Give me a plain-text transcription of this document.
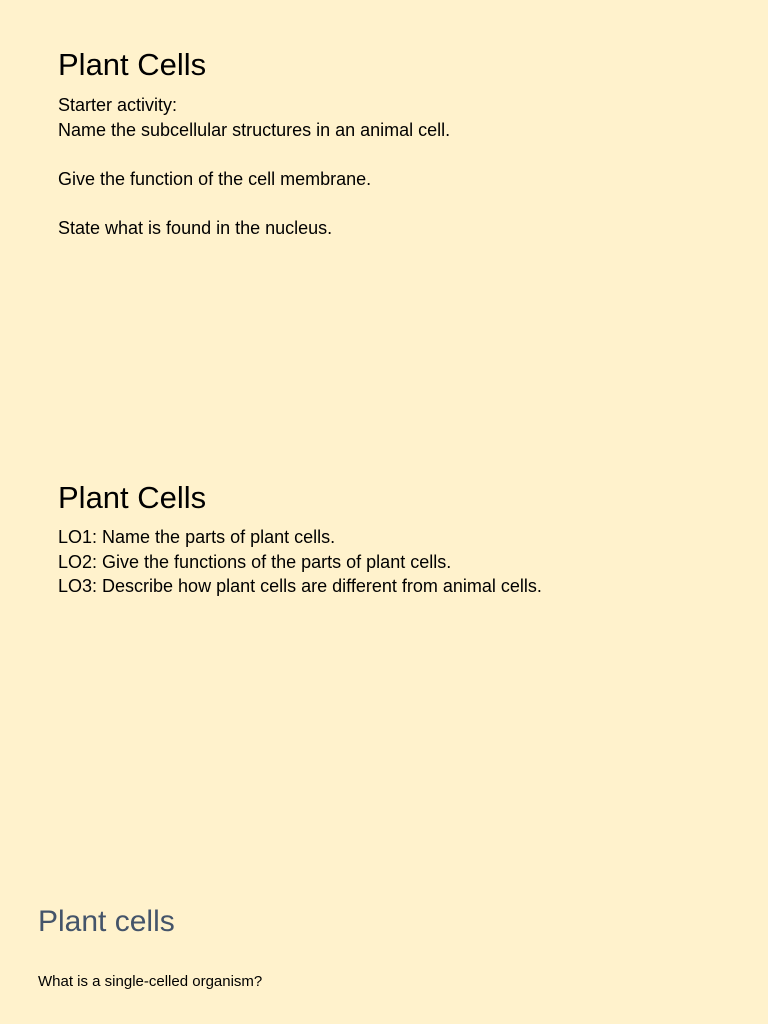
Plant Cells
Starter activity:
Name the subcellular structures in an animal cell.
Give the function of the cell membrane.
State what is found in the nucleus.
Plant Cells
LO1: Name the parts of plant cells.
LO2: Give the functions of the parts of plant cells.
LO3: Describe how plant cells are different from animal cells.
Plant cells

What is a single-celled organism?
